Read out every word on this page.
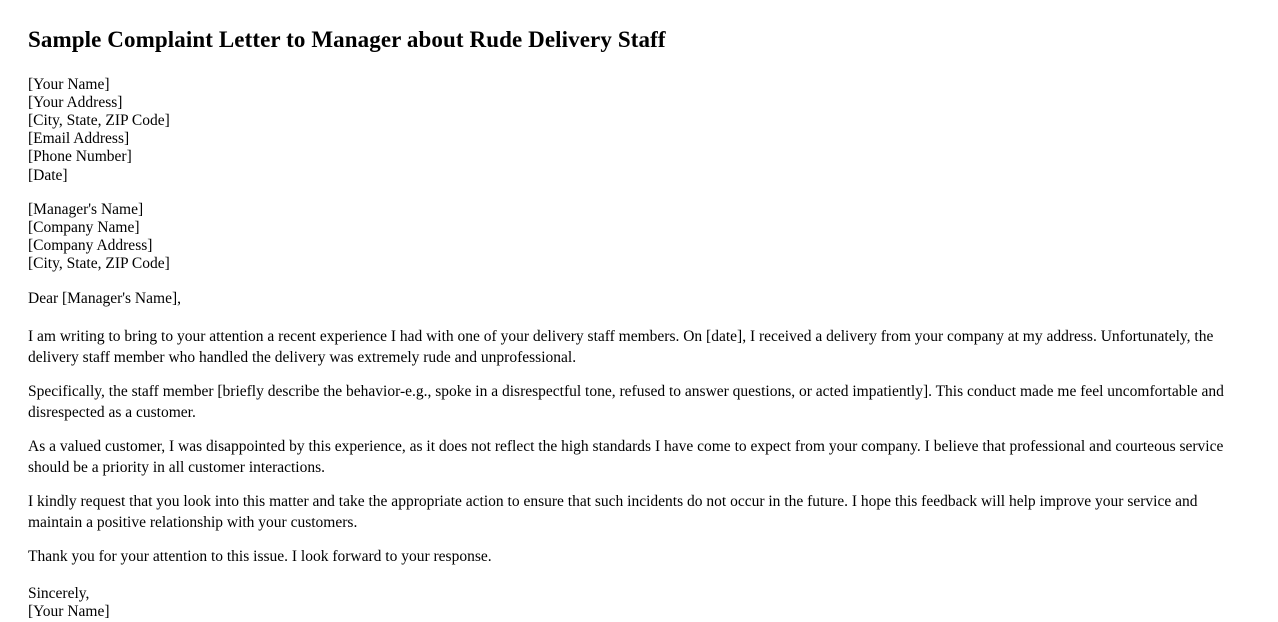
Sample Complaint Letter to Manager about Rude Delivery Staff
[Your Name]
[Your Address]
[City, State, ZIP Code]
[Email Address]
[Phone Number]
[Date]
[Manager's Name]
[Company Name]
[Company Address]
[City, State, ZIP Code]
Dear [Manager's Name],

I am writing to bring to your attention a recent experience I had with one of your delivery staff members. On [date], I received a delivery from your company at my address. Unfortunately, the delivery staff member who handled the delivery was extremely rude and unprofessional.

Specifically, the staff member [briefly describe the behavior-e.g., spoke in a disrespectful tone, refused to answer questions, or acted impatiently]. This conduct made me feel uncomfortable and disrespected as a customer.

As a valued customer, I was disappointed by this experience, as it does not reflect the high standards I have come to expect from your company. I believe that professional and courteous service should be a priority in all customer interactions.

I kindly request that you look into this matter and take the appropriate action to ensure that such incidents do not occur in the future. I hope this feedback will help improve your service and maintain a positive relationship with your customers.

Thank you for your attention to this issue. I look forward to your response.

Sincerely,
[Your Name]
